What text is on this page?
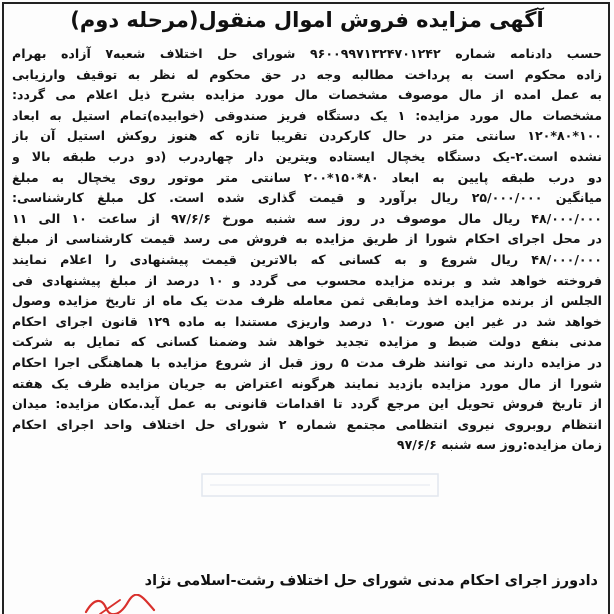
آگهی مزایده فروش اموال منقول(مرحله دوم)
حسب دادنامه شماره ۹۶۰۰۹۹۷۱۳۲۴۷۰۱۲۴۲ شورای حل اختلاف شعبه۷ آزاده بهرام
زاده محکوم است به پرداخت مطالبه وجه در حق محکوم له نظر به توقیف وارزیابی
به عمل امده از مال موصوف مشخصات مال مورد مزایده بشرح ذیل اعلام می گردد:
مشخصات مال مورد مزایده: ۱ یک دستگاه فریز صندوقی (خوابیده)تمام استیل به ابعاد
۱۰۰*۸۰*۱۲۰ سانتی متر در حال کارکردن تقریبا تازه که هنوز روکش استیل آن باز
نشده است.۲-یک دستگاه یخچال ایستاده ویترین دار چهاردرب (دو درب طبقه بالا و
دو درب طبقه پایین به ابعاد ۸۰*۱۵۰*۲۰۰ سانتی متر موتور روی یخچال به مبلغ
میانگین ۲۵/۰۰۰/۰۰۰ ریال برآورد و قیمت گذاری شده است. کل مبلغ کارشناسی:
۴۸/۰۰۰/۰۰۰ ریال مال موصوف در روز سه شنبه مورخ ۹۷/۶/۶ از ساعت ۱۰ الی ۱۱
در محل اجرای احکام شورا از طریق مزایده به فروش می رسد قیمت کارشناسی از مبلغ
۴۸/۰۰۰/۰۰۰ ریال شروع و به کسانی که بالاترین قیمت پیشنهادی را اعلام نمایند
فروخته خواهد شد و برنده مزایده محسوب می گردد و ۱۰ درصد از مبلغ پیشنهادی فی
الجلس از برنده مزایده اخذ ومابقی ثمن معامله ظرف مدت یک ماه از تاریخ مزایده وصول
خواهد شد در غیر این صورت ۱۰ درصد واریزی مستندا به ماده ۱۲۹ قانون اجرای احکام
مدنی بنفع دولت ضبط و مزایده تجدید خواهد شد وضمنا کسانی که تمایل به شرکت
در مزایده دارند می توانند ظرف مدت ۵ روز قبل از شروع مزایده با هماهنگی اجرا احکام
شورا از مال مورد مزایده بازدید نمایند هرگونه اعتراض به جریان مزایده ظرف یک هفته
از تاریخ فروش تحویل این مرجع گردد تا اقدامات قانونی به عمل آید.مکان مزایده: میدان
انتظام روبروی نیروی انتظامی مجتمع شماره ۲ شورای حل اختلاف واحد اجرای احکام
زمان مزایده:روز سه شنبه ۹۷/۶/۶
دادورز اجرای احکام مدنی شورای حل اختلاف رشت-اسلامی نژاد
